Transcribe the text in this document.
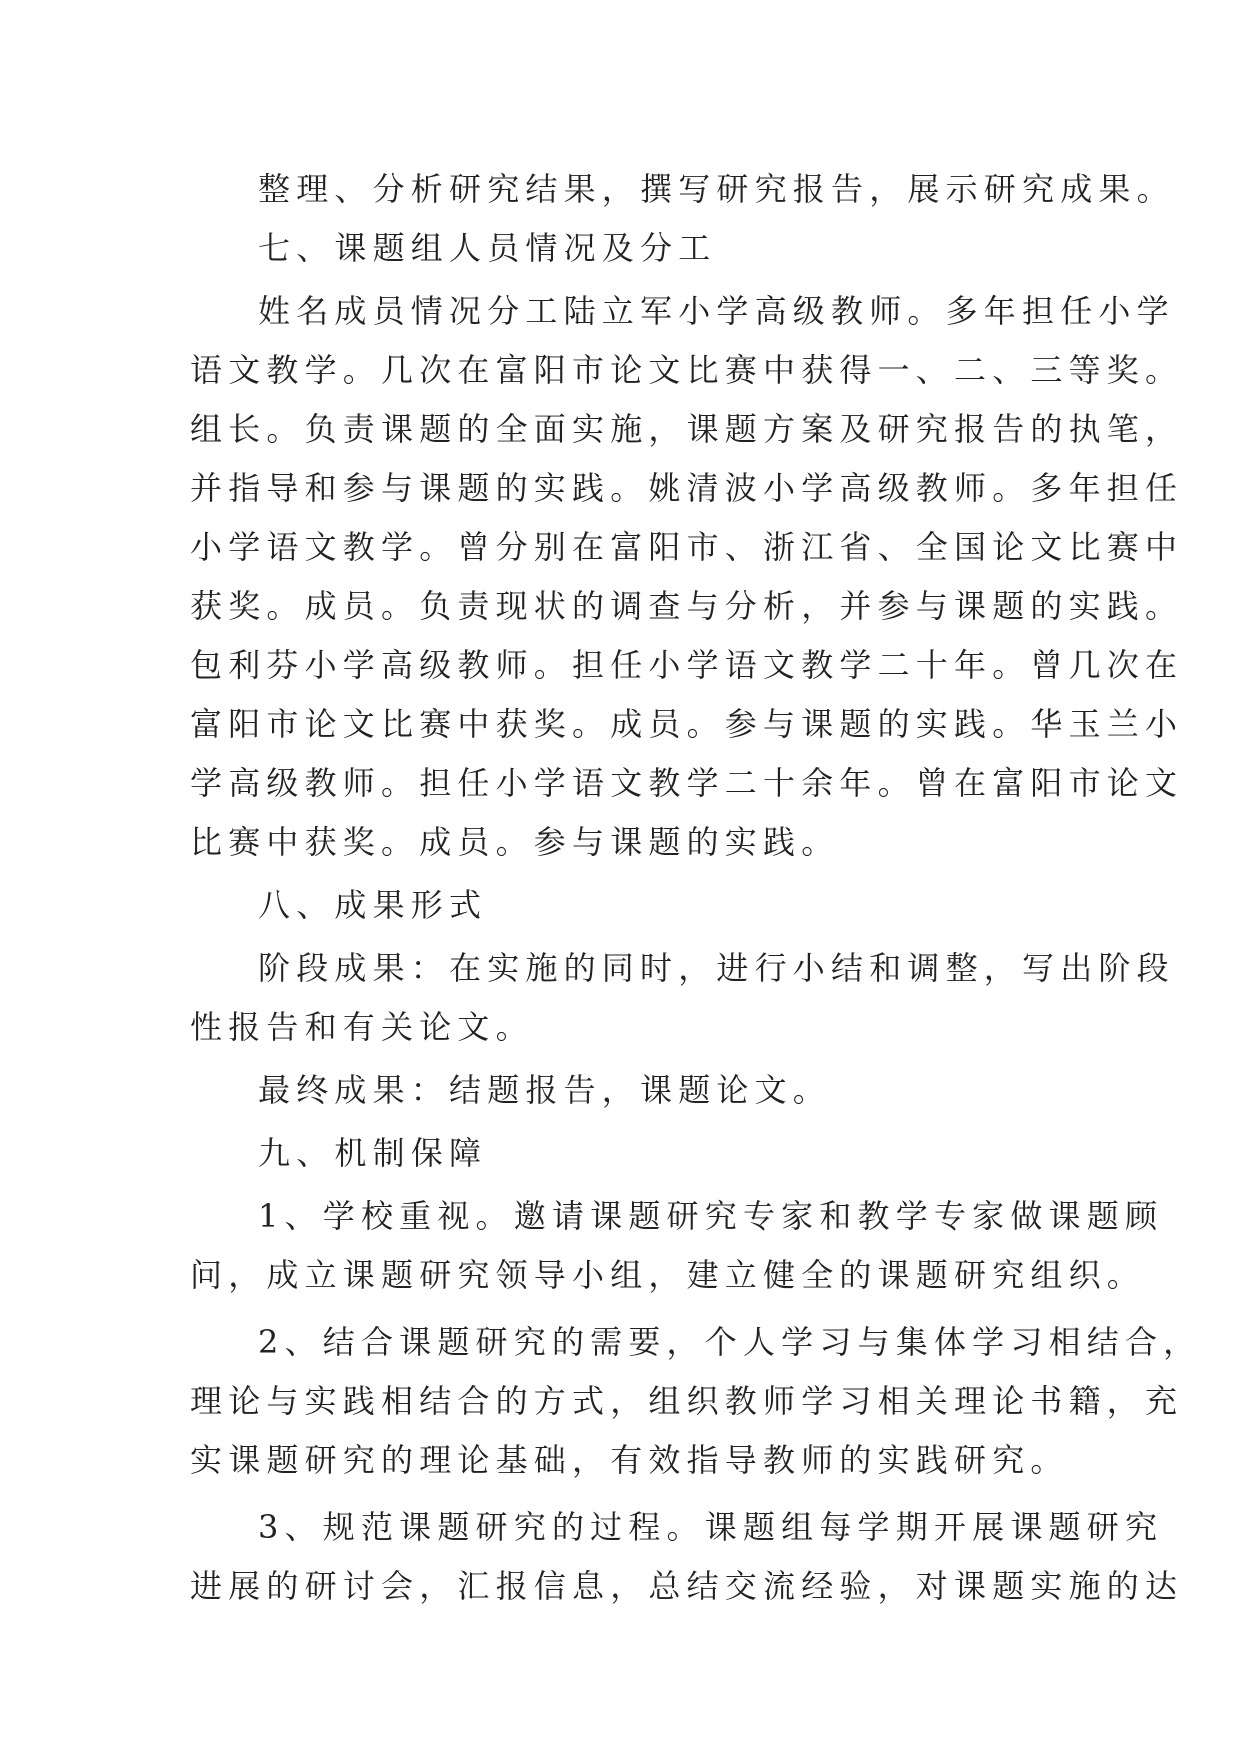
整理、分析研究结果，撰写研究报告，展示研究成果。
七、课题组人员情况及分工
姓名成员情况分工陆立军小学高级教师。多年担任小学
语文教学。几次在富阳市论文比赛中获得一、二、三等奖。
组长。负责课题的全面实施，课题方案及研究报告的执笔，
并指导和参与课题的实践。姚清波小学高级教师。多年担任
小学语文教学。曾分别在富阳市、浙江省、全国论文比赛中
获奖。成员。负责现状的调查与分析，并参与课题的实践。
包利芬小学高级教师。担任小学语文教学二十年。曾几次在
富阳市论文比赛中获奖。成员。参与课题的实践。华玉兰小
学高级教师。担任小学语文教学二十余年。曾在富阳市论文
比赛中获奖。成员。参与课题的实践。
八、成果形式
阶段成果：在实施的同时，进行小结和调整，写出阶段
性报告和有关论文。
最终成果：结题报告，课题论文。
九、机制保障
1、学校重视。邀请课题研究专家和教学专家做课题顾
问，成立课题研究领导小组，建立健全的课题研究组织。
2、结合课题研究的需要，个人学习与集体学习相结合，
理论与实践相结合的方式，组织教师学习相关理论书籍，充
实课题研究的理论基础，有效指导教师的实践研究。
3、规范课题研究的过程。课题组每学期开展课题研究
进展的研讨会，汇报信息，总结交流经验，对课题实施的达
